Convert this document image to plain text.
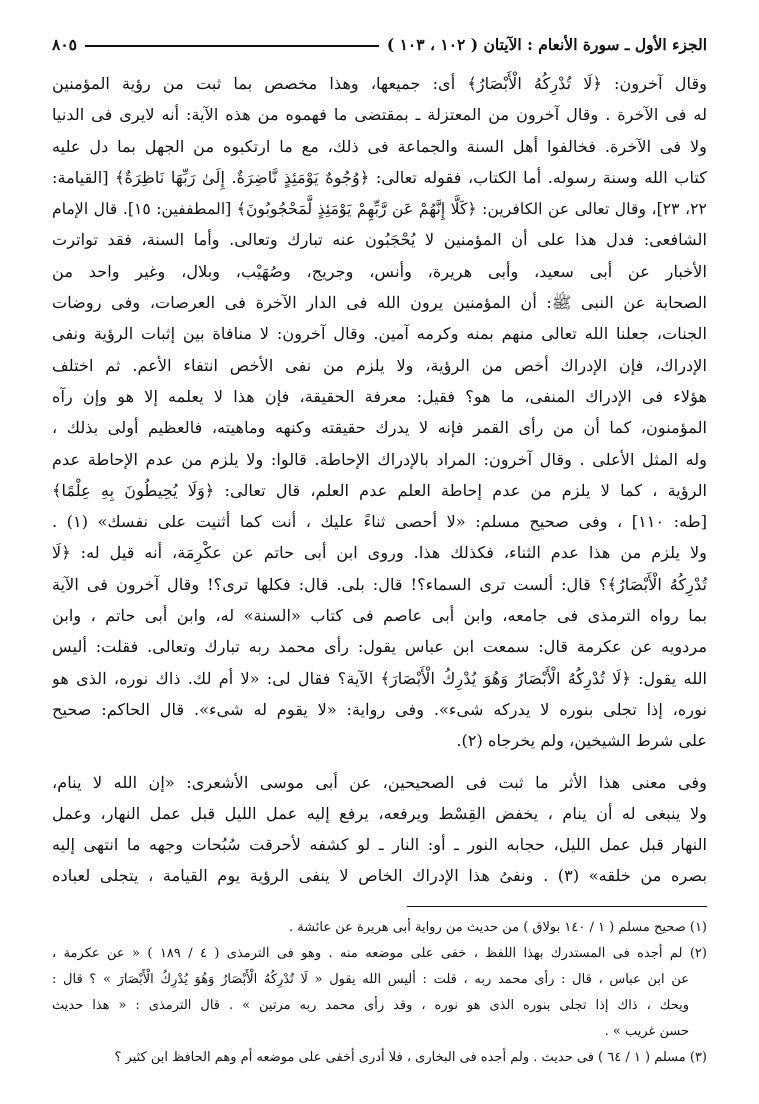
الجزء الأول ـ سورة الأنعام : الآيتان ( ١٠٢ ، ١٠٣ )
٨٠٥

وقال آخرون: ﴿لَا تُدْرِكُهُ الْأَبْصَارُ﴾ أى: جميعها، وهذا مخصص بما ثبت من رؤية المؤمنين
له فى الآخرة . وقال آخرون من المعتزلة ـ بمقتضى ما فهموه من هذه الآية: أنه لايرى فى الدنيا
ولا فى الآخرة. فخالفوا أهل السنة والجماعة فى ذلك، مع ما ارتكبوه من الجهل بما دل عليه
كتاب الله وسنة رسوله. أما الكتاب، فقوله تعالى: ﴿وُجُوهٌ يَوْمَئِذٍ نَّاضِرَةٌ. إِلَىٰ رَبِّهَا نَاظِرَةٌ﴾ [القيامة:
٢٢، ٢٣]، وقال تعالى عن الكافرين: ﴿كَلَّا إِنَّهُمْ عَن رَّبِّهِمْ يَوْمَئِذٍ لَّمَحْجُوبُونَ﴾ [المطففين: ١٥]. قال الإمام
الشافعى: فدل هذا على أن المؤمنين لا يُحْجَبُون عنه تبارك وتعالى. وأما السنة، فقد تواترت
الأخبار عن أبى سعيد، وأبى هريرة، وأنس، وجريج، وصُهَيْب، وبلال، وغير واحد من
الصحابة عن النبى ﷺ: أن المؤمنين يرون الله فى الدار الآخرة فى العرصات، وفى روضات
الجنات، جعلنا الله تعالى منهم بمنه وكرمه آمين. وقال آخرون: لا منافاة بين إثبات الرؤية ونفى
الإدراك، فإن الإدراك أخص من الرؤية، ولا يلزم من نفى الأخص انتفاء الأعم. ثم اختلف
هؤلاء فى الإدراك المنفى، ما هو؟ فقيل: معرفة الحقيقة، فإن هذا لا يعلمه إلا هو وإن رآه
المؤمنون، كما أن من رأى القمر فإنه لا يدرك حقيقته وكنهه وماهيته، فالعظيم أولى بذلك ،
وله المثل الأعلى . وقال آخرون: المراد بالإدراك الإحاطة. قالوا: ولا يلزم من عدم الإحاطة عدم
الرؤية ، كما لا يلزم من عدم إحاطة العلم عدم العلم، قال تعالى: ﴿وَلَا يُحِيطُونَ بِهِ عِلْمًا﴾
[طه: ١١٠] ، وفى صحيح مسلم: «لا أحصى ثناءً عليك ، أنت كما أثنيت على نفسك» (١) .
ولا يلزم من هذا عدم الثناء، فكذلك هذا. وروى ابن أبى حاتم عن عكْرِمَة، أنه قيل له: ﴿لَا
تُدْرِكُهُ الْأَبْصَارُ﴾؟ قال: ألست ترى السماء؟! قال: بلى. قال: فكلها ترى؟! وقال آخرون فى الآية
بما رواه الترمذى فى جامعه، وابن أبى عاصم فى كتاب «السنة» له، وابن أبى حاتم ، وابن
مردويه عن عكرمة قال: سمعت ابن عباس يقول: رأى محمد ربه تبارك وتعالى. فقلت: أليس
الله يقول: ﴿لَا تُدْرِكُهُ الْأَبْصَارُ وَهُوَ يُدْرِكُ الْأَبْصَارَ﴾ الآية؟ فقال لى: «لا أم لك. ذاك نوره، الذى هو
نوره، إذا تجلى بنوره لا يدركه شىء». وفى رواية: «لا يقوم له شىء». قال الحاكم: صحيح
على شرط الشيخين، ولم يخرجاه (٢).

وفى معنى هذا الأثر ما ثبت فى الصحيحين، عن أبى موسى الأشعرى: «إن الله لا ينام،
ولا ينبغى له أن ينام ، يخفض القِسْط ويرفعه، يرفع إليه عمل الليل قبل عمل النهار، وعمل
النهار قبل عمل الليل، حجابه النور ـ أو: النار ـ لو كشفه لأحرقت سُبُحات وجهه ما انتهى إليه
بصره من خلقه» (٣) . ونفىُ هذا الإدراك الخاص لا ينفى الرؤية يوم القيامة ، يتجلى لعباده

(١) صحيح مسلم ( ١ / ١٤٠ بولاق ) من حديث من رواية أبى هريرة عن عائشة .
(٢) لم أجده فى المستدرك بهذا اللفظ ، خفى على موضعه منه . وهو فى الترمذى ( ٤ / ١٨٩ ) « عن عكرمة ،
عن ابن عباس ، قال : رأى محمد ربه ، قلت : أليس الله يقول « لَا تُدْرِكُهُ الْأَبْصَارُ وَهُوَ يُدْرِكُ الْأَبْصَارَ » ؟ قال :
ويحك ، ذاك إذا تجلى بنوره الذى هو نوره ، وقد رأى محمد ربه مرتين » . قال الترمذى : « هذا حديث
حسن غريب » .
(٣) مسلم ( ١ / ٦٤ ) فى حديث . ولم أجده فى البخارى ، فلا أدرى أخفى على موضعه أم وهم الحافظ ابن كثير ؟
